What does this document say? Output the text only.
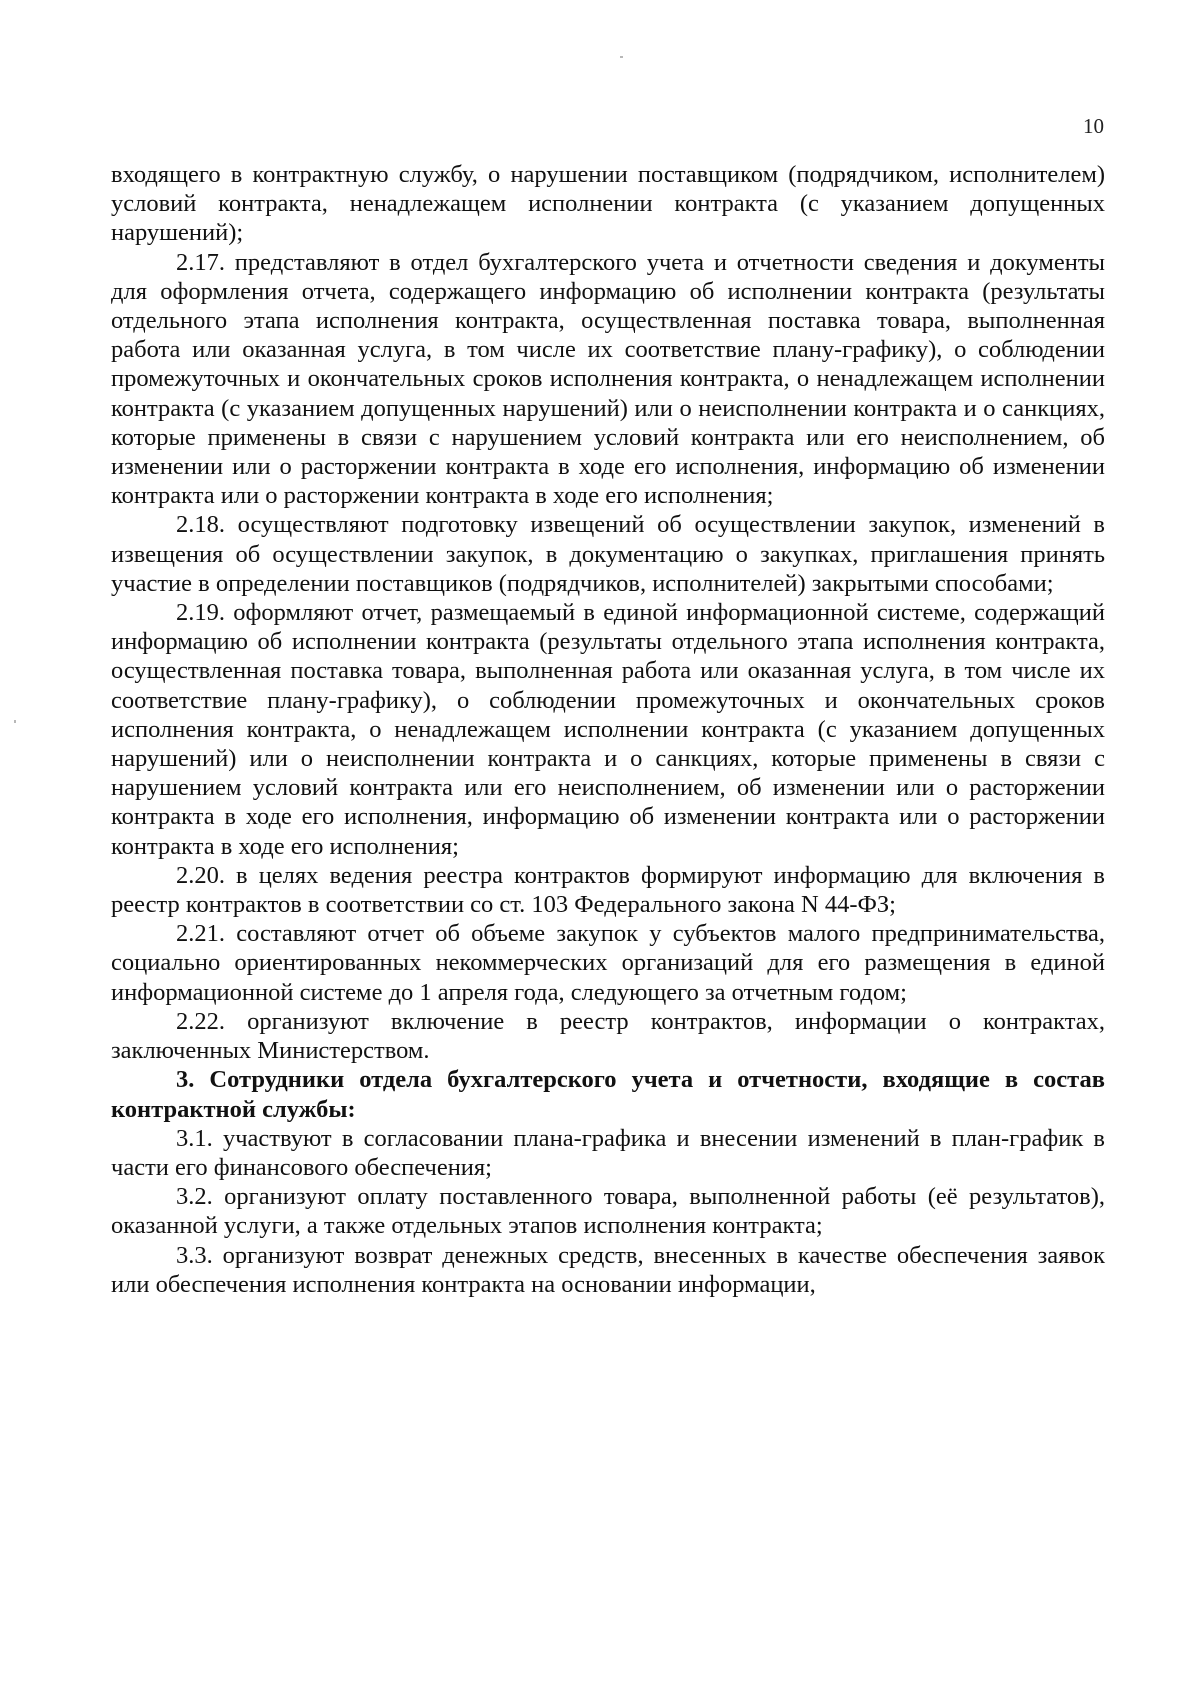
10

входящего в контрактную службу, о нарушении поставщиком (подрядчиком, исполнителем) условий контракта, ненадлежащем исполнении контракта (с указанием допущенных нарушений);

2.17. представляют в отдел бухгалтерского учета и отчетности сведения и документы для оформления отчета, содержащего информацию об исполнении контракта (результаты отдельного этапа исполнения контракта, осуществленная поставка товара, выполненная работа или оказанная услуга, в том числе их соответствие плану-графику), о соблюдении промежуточных и окончательных сроков исполнения контракта, о ненадлежащем исполнении контракта (с указанием допущенных нарушений) или о неисполнении контракта и о санкциях, которые применены в связи с нарушением условий контракта или его неисполнением, об изменении или о расторжении контракта в ходе его исполнения, информацию об изменении контракта или о расторжении контракта в ходе его исполнения;

2.18. осуществляют подготовку извещений об осуществлении закупок, изменений в извещения об осуществлении закупок, в документацию о закупках, приглашения принять участие в определении поставщиков (подрядчиков, исполнителей) закрытыми способами;

2.19. оформляют отчет, размещаемый в единой информационной системе, содержащий информацию об исполнении контракта (результаты отдельного этапа исполнения контракта, осуществленная поставка товара, выполненная работа или оказанная услуга, в том числе их соответствие плану-графику), о соблюдении промежуточных и окончательных сроков исполнения контракта, о ненадлежащем исполнении контракта (с указанием допущенных нарушений) или о неисполнении контракта и о санкциях, которые применены в связи с нарушением условий контракта или его неисполнением, об изменении или о расторжении контракта в ходе его исполнения, информацию об изменении контракта или о расторжении контракта в ходе его исполнения;

2.20. в целях ведения реестра контрактов формируют информацию для включения в реестр контрактов в соответствии со ст. 103 Федерального закона N 44-ФЗ;

2.21. составляют отчет об объеме закупок у субъектов малого предпринимательства, социально ориентированных некоммерческих организаций для его размещения в единой информационной системе до 1 апреля года, следующего за отчетным годом;

2.22. организуют включение в реестр контрактов, информации о контрактах, заключенных Министерством.

3. Сотрудники отдела бухгалтерского учета и отчетности, входящие в состав контрактной службы:

3.1. участвуют в согласовании плана-графика и внесении изменений в план-график в части его финансового обеспечения;

3.2. организуют оплату поставленного товара, выполненной работы (её результатов), оказанной услуги, а также отдельных этапов исполнения контракта;

3.3. организуют возврат денежных средств, внесенных в качестве обеспечения заявок или обеспечения исполнения контракта на основании информации,
